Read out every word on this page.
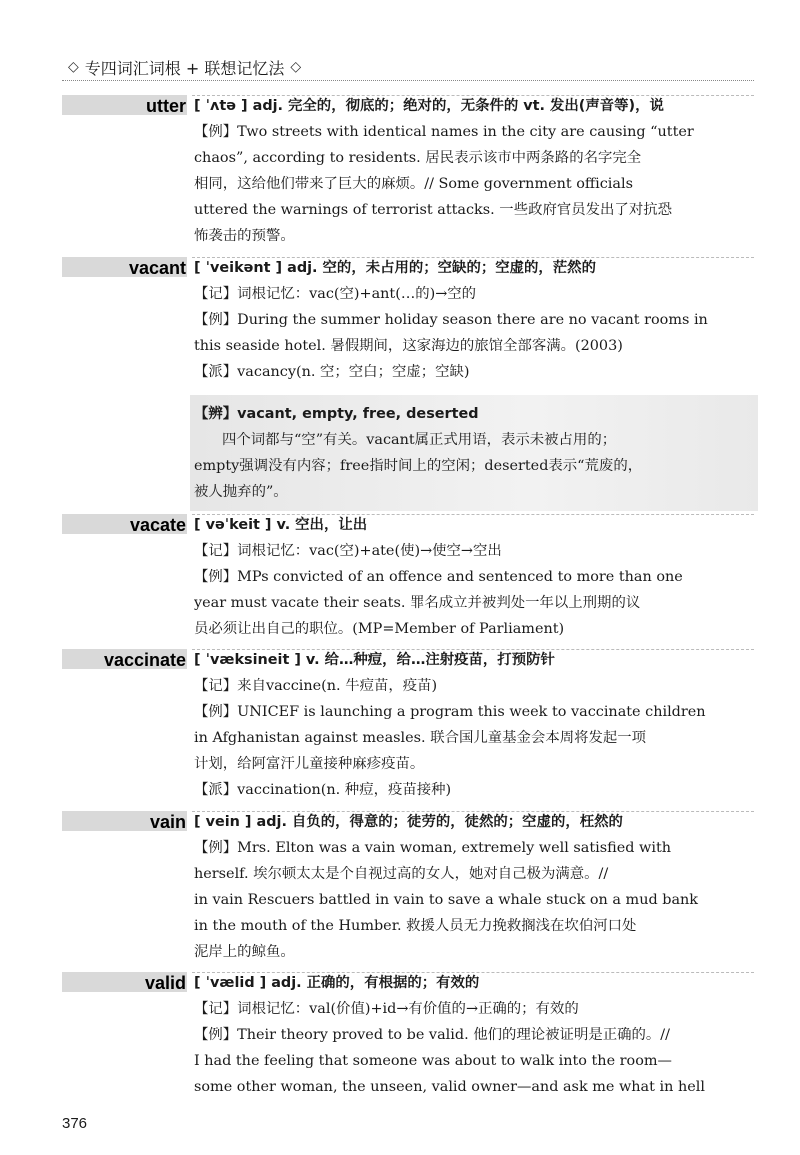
◇ 专四词汇词根 + 联想记忆法 ◇
utter [ ˈʌtə ] adj. 完全的，彻底的；绝对的，无条件的 vt. 发出(声音等)，说
【例】Two streets with identical names in the city are causing “utter
chaos”, according to residents. 居民表示该市中两条路的名字完全
相同，这给他们带来了巨大的麻烦。// Some government officials
uttered the warnings of terrorist attacks. 一些政府官员发出了对抗恐
怖袭击的预警。
vacant [ ˈveikənt ] adj. 空的，未占用的；空缺的；空虚的，茫然的
【记】词根记忆：vac(空)+ant(…的)→空的
【例】During the summer holiday season there are no vacant rooms in
this seaside hotel. 暑假期间，这家海边的旅馆全部客满。(2003)
【派】vacancy(n. 空；空白；空虚；空缺)
【辨】vacant, empty, free, deserted
四个词都与“空”有关。vacant属正式用语，表示未被占用的；
empty强调没有内容；free指时间上的空闲；deserted表示“荒废的，
被人抛弃的”。
vacate [ vəˈkeit ] v. 空出，让出
【记】词根记忆：vac(空)+ate(使)→使空→空出
【例】MPs convicted of an offence and sentenced to more than one
year must vacate their seats. 罪名成立并被判处一年以上刑期的议
员必须让出自己的职位。(MP=Member of Parliament)
vaccinate [ ˈvæksineit ] v. 给…种痘，给…注射疫苗，打预防针
【记】来自vaccine(n. 牛痘苗，疫苗)
【例】UNICEF is launching a program this week to vaccinate children
in Afghanistan against measles. 联合国儿童基金会本周将发起一项
计划，给阿富汗儿童接种麻疹疫苗。
【派】vaccination(n. 种痘，疫苗接种)
vain [ vein ] adj. 自负的，得意的；徒劳的，徒然的；空虚的，枉然的
【例】Mrs. Elton was a vain woman, extremely well satisfied with
herself. 埃尔顿太太是个自视过高的女人，她对自己极为满意。//
in vain Rescuers battled in vain to save a whale stuck on a mud bank
in the mouth of the Humber. 救援人员无力挽救搁浅在坎伯河口处
泥岸上的鲸鱼。
valid [ ˈvælid ] adj. 正确的，有根据的；有效的
【记】词根记忆：val(价值)+id→有价值的→正确的；有效的
【例】Their theory proved to be valid. 他们的理论被证明是正确的。//
I had the feeling that someone was about to walk into the room—
some other woman, the unseen, valid owner—and ask me what in hell
376
